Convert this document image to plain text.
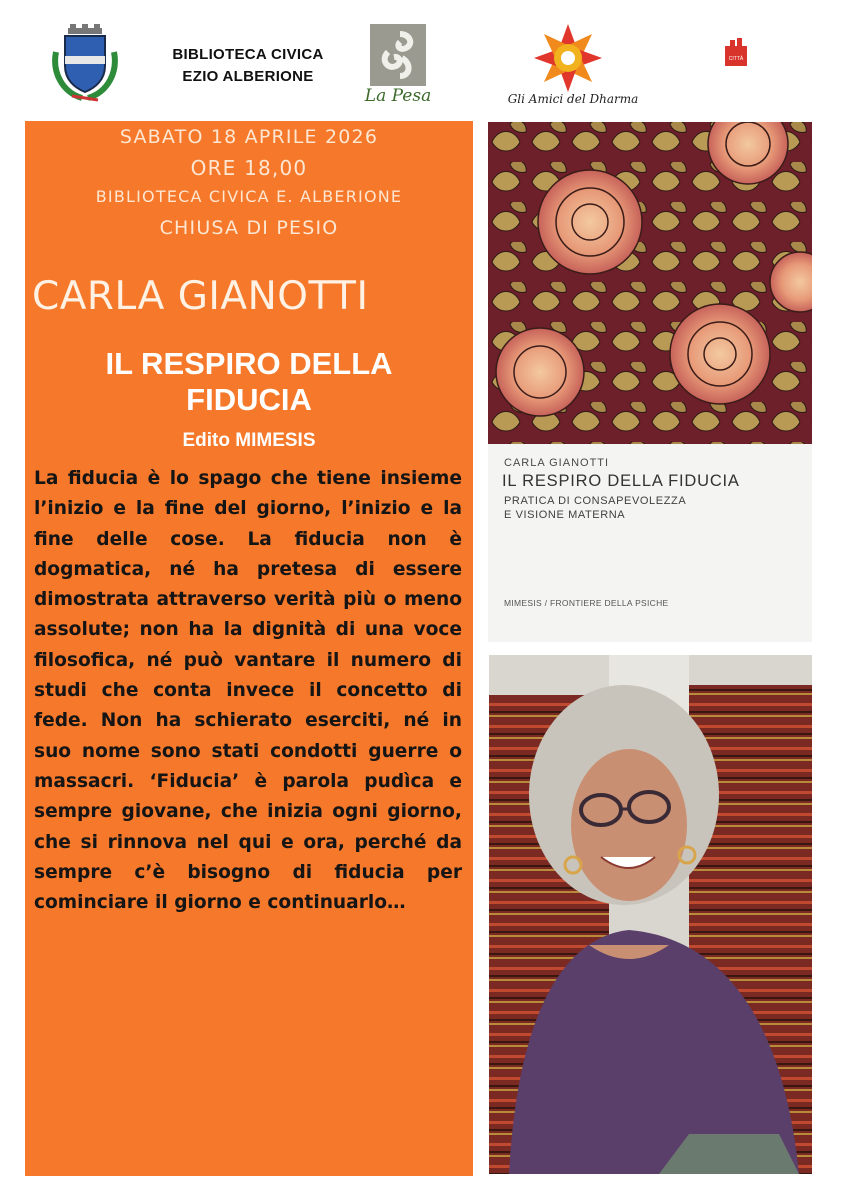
BIBLIOTECA CIVICA
EZIO ALBERIONE
La Pesa	Gli Amici del Dharma
CITTÀ
SABATO 18 APRILE 2026
ORE 18,00
BIBLIOTECA CIVICA E. ALBERIONE
CHIUSA DI PESIO
CARLA GIANOTTI
IL RESPIRO DELLA
FIDUCIA
Edito MIMESIS
La fiducia è lo spago che tiene insieme l’inizio e la fine del giorno, l’inizio e la fine delle cose. La fiducia non è dogmatica, né ha pretesa di essere dimostrata attraverso verità più o meno assolute; non ha la dignità di una voce filosofica, né può vantare il numero di studi che conta invece il concetto di fede. Non ha schierato eserciti, né in suo nome sono stati condotti guerre o massacri. ‘Fiducia’ è parola pudìca e sempre giovane, che inizia ogni giorno, che si rinnova nel qui e ora, perché da sempre c’è bisogno di fiducia per cominciare il giorno e continuarlo…
CARLA GIANOTTI
IL RESPIRO DELLA FIDUCIA
PRATICA DI CONSAPEVOLEZZA
E VISIONE MATERNA
MIMESIS / FRONTIERE DELLA PSICHE
